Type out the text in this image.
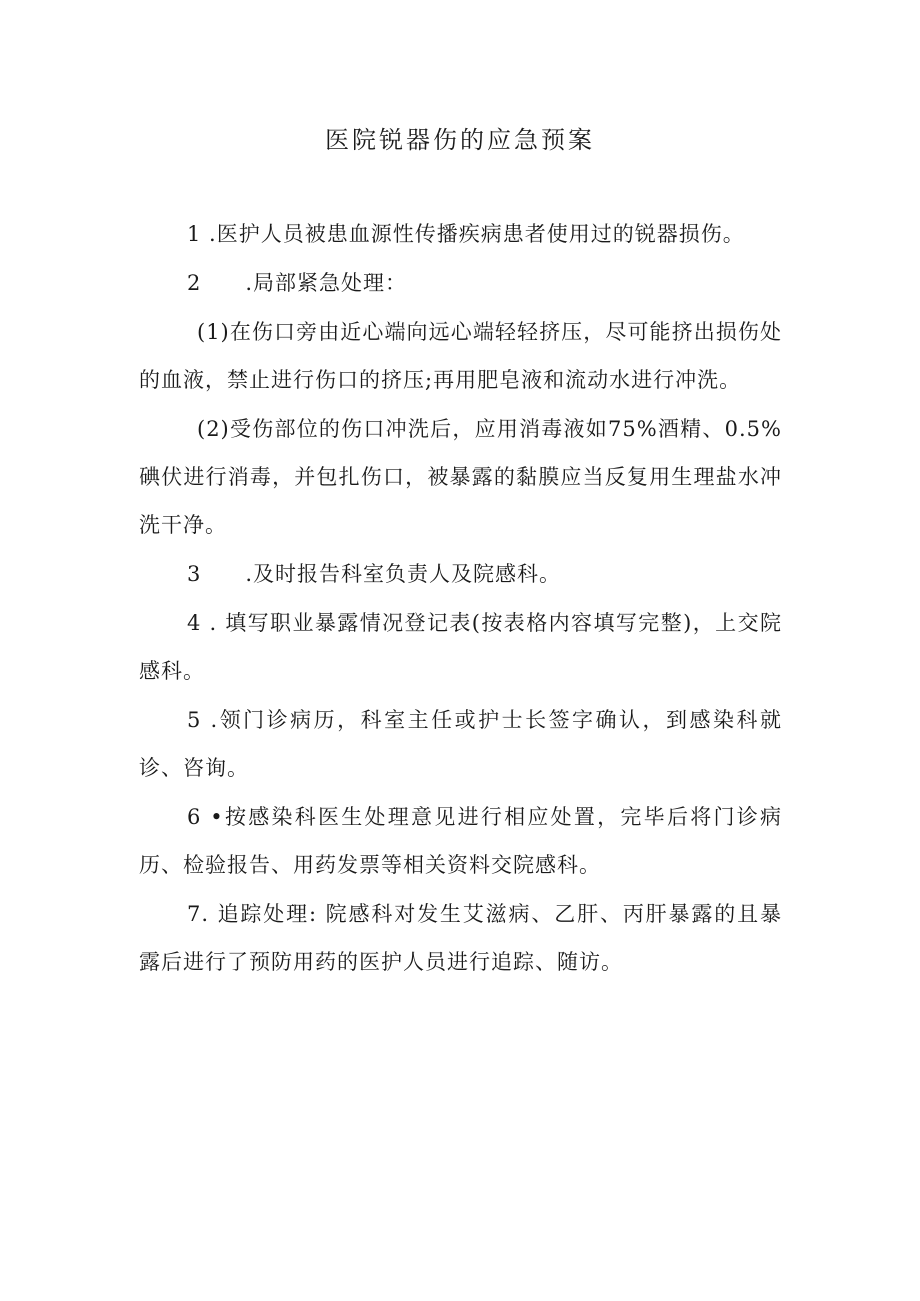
医院锐器伤的应急预案

1 .医护人员被患血源性传播疾病患者使用过的锐器损伤。

2　　.局部紧急处理：

(1)在伤口旁由近心端向远心端轻轻挤压，尽可能挤出损伤处的血液，禁止进行伤口的挤压;再用肥皂液和流动水进行冲洗。

(2)受伤部位的伤口冲洗后，应用消毒液如75%酒精、0.5%碘伏进行消毒，并包扎伤口，被暴露的黏膜应当反复用生理盐水冲洗干净。

3　　.及时报告科室负责人及院感科。

4 . 填写职业暴露情况登记表(按表格内容填写完整)，上交院感科。

5 .领门诊病历，科室主任或护士长签字确认，到感染科就诊、咨询。

6 •按感染科医生处理意见进行相应处置，完毕后将门诊病历、检验报告、用药发票等相关资料交院感科。

7. 追踪处理: 院感科对发生艾滋病、乙肝、丙肝暴露的且暴露后进行了预防用药的医护人员进行追踪、随访。
